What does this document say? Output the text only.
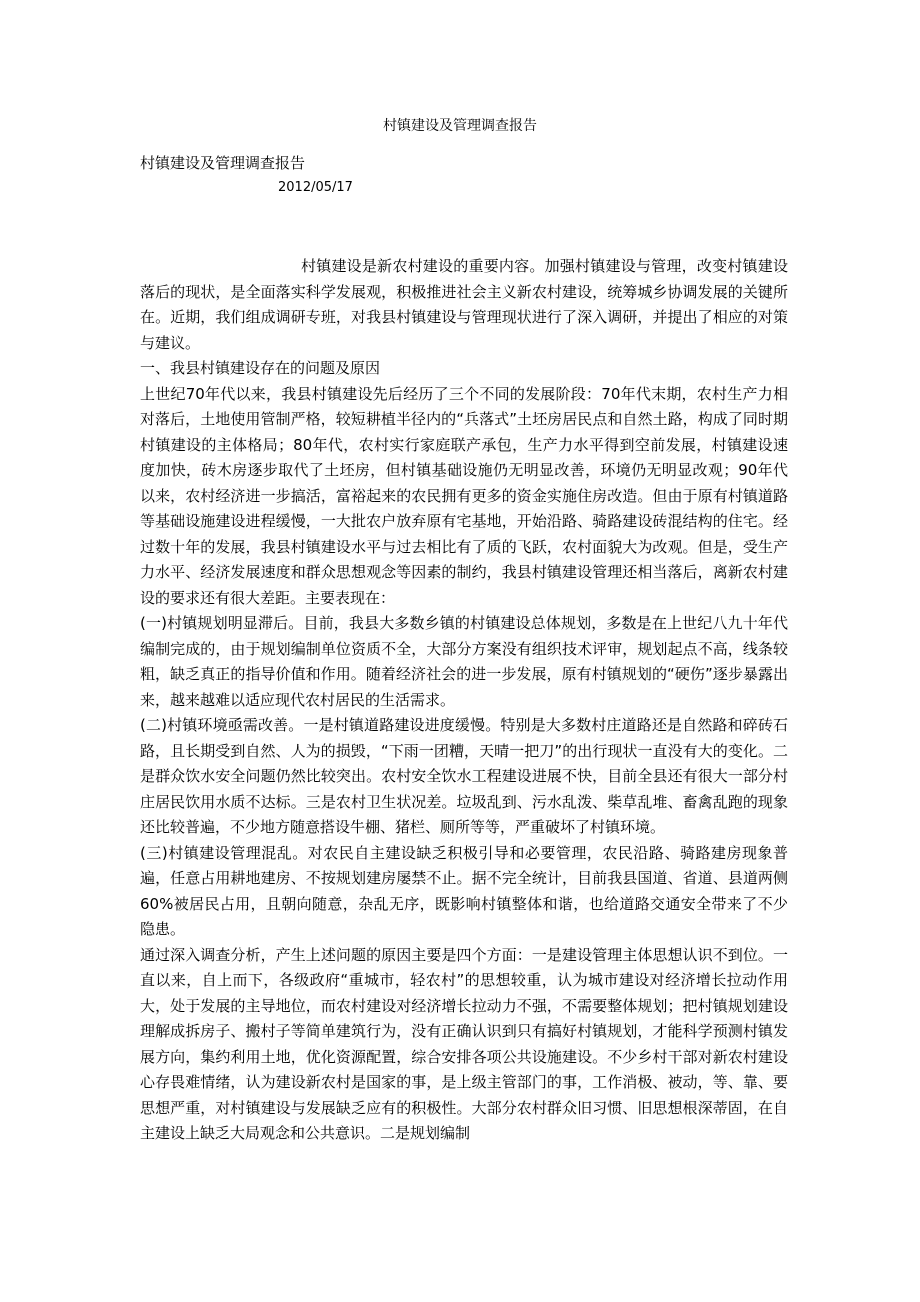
村镇建设及管理调查报告
村镇建设及管理调查报告
2012/05/17

村镇建设是新农村建设的重要内容。加强村镇建设与管理，改变村镇建设落后的现状，是全面落实科学发展观，积极推进社会主义新农村建设，统筹城乡协调发展的关键所在。近期，我们组成调研专班，对我县村镇建设与管理现状进行了深入调研，并提出了相应的对策与建议。

一、我县村镇建设存在的问题及原因

上世纪70年代以来，我县村镇建设先后经历了三个不同的发展阶段：70年代末期，农村生产力相对落后，土地使用管制严格，较短耕植半径内的“兵落式”土坯房居民点和自然土路，构成了同时期村镇建设的主体格局；80年代，农村实行家庭联产承包，生产力水平得到空前发展，村镇建设速度加快，砖木房逐步取代了土坯房，但村镇基础设施仍无明显改善，环境仍无明显改观；90年代以来，农村经济进一步搞活，富裕起来的农民拥有更多的资金实施住房改造。但由于原有村镇道路等基础设施建设进程缓慢，一大批农户放弃原有宅基地，开始沿路、骑路建设砖混结构的住宅。经过数十年的发展，我县村镇建设水平与过去相比有了质的飞跃，农村面貌大为改观。但是，受生产力水平、经济发展速度和群众思想观念等因素的制约，我县村镇建设管理还相当落后，离新农村建设的要求还有很大差距。主要表现在：

(一)村镇规划明显滞后。目前，我县大多数乡镇的村镇建设总体规划，多数是在上世纪八九十年代编制完成的，由于规划编制单位资质不全，大部分方案没有组织技术评审，规划起点不高，线条较粗，缺乏真正的指导价值和作用。随着经济社会的进一步发展，原有村镇规划的“硬伤”逐步暴露出来，越来越难以适应现代农村居民的生活需求。

(二)村镇环境亟需改善。一是村镇道路建设进度缓慢。特别是大多数村庄道路还是自然路和碎砖石路，且长期受到自然、人为的损毁，“下雨一团糟，天晴一把刀”的出行现状一直没有大的变化。二是群众饮水安全问题仍然比较突出。农村安全饮水工程建设进展不快，目前全县还有很大一部分村庄居民饮用水质不达标。三是农村卫生状况差。垃圾乱到、污水乱泼、柴草乱堆、畜禽乱跑的现象还比较普遍，不少地方随意搭设牛棚、猪栏、厕所等等，严重破坏了村镇环境。

(三)村镇建设管理混乱。对农民自主建设缺乏积极引导和必要管理，农民沿路、骑路建房现象普遍，任意占用耕地建房、不按规划建房屡禁不止。据不完全统计，目前我县国道、省道、县道两侧60%被居民占用，且朝向随意，杂乱无序，既影响村镇整体和谐，也给道路交通安全带来了不少隐患。

通过深入调查分析，产生上述问题的原因主要是四个方面：一是建设管理主体思想认识不到位。一直以来，自上而下，各级政府“重城市，轻农村”的思想较重，认为城市建设对经济增长拉动作用大，处于发展的主导地位，而农村建设对经济增长拉动力不强，不需要整体规划；把村镇规划建设理解成拆房子、搬村子等简单建筑行为，没有正确认识到只有搞好村镇规划，才能科学预测村镇发展方向，集约利用土地，优化资源配置，综合安排各项公共设施建设。不少乡村干部对新农村建设心存畏难情绪，认为建设新农村是国家的事，是上级主管部门的事，工作消极、被动，等、靠、要思想严重，对村镇建设与发展缺乏应有的积极性。大部分农村群众旧习惯、旧思想根深蒂固，在自主建设上缺乏大局观念和公共意识。二是规划编制
